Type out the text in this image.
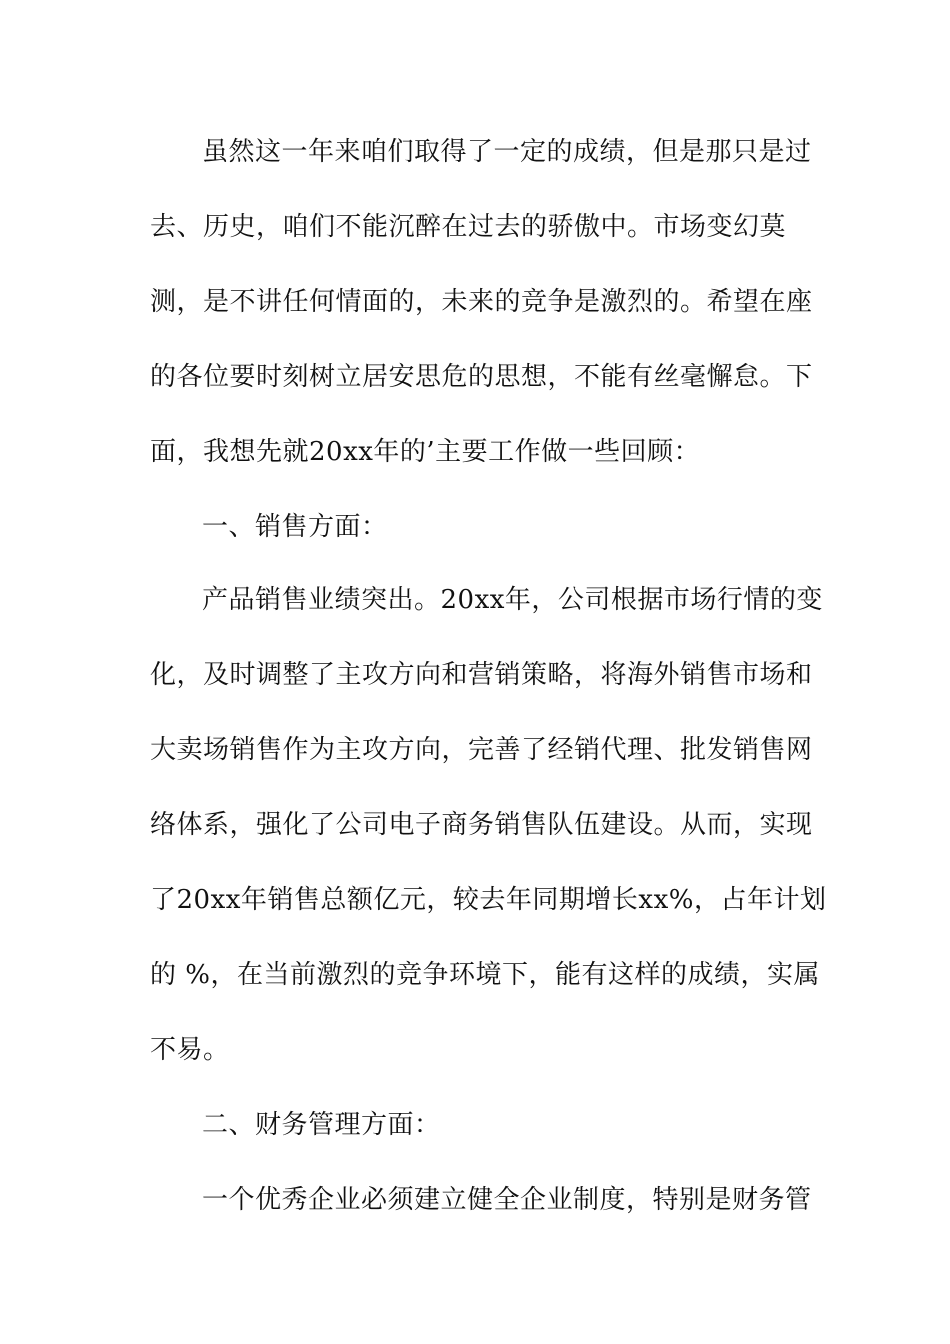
虽然这一年来咱们取得了一定的成绩，但是那只是过
去、历史，咱们不能沉醉在过去的骄傲中。市场变幻莫
测，是不讲任何情面的，未来的竞争是激烈的。希望在座
的各位要时刻树立居安思危的思想，不能有丝毫懈怠。下
面，我想先就20xx年的’主要工作做一些回顾：
一、销售方面：
产品销售业绩突出。20xx年，公司根据市场行情的变
化，及时调整了主攻方向和营销策略，将海外销售市场和
大卖场销售作为主攻方向，完善了经销代理、批发销售网
络体系，强化了公司电子商务销售队伍建设。从而，实现
了20xx年销售总额亿元，较去年同期增长xx%，占年计划
的 %，在当前激烈的竞争环境下，能有这样的成绩，实属
不易。
二、财务管理方面：
一个优秀企业必须建立健全企业制度，特别是财务管
